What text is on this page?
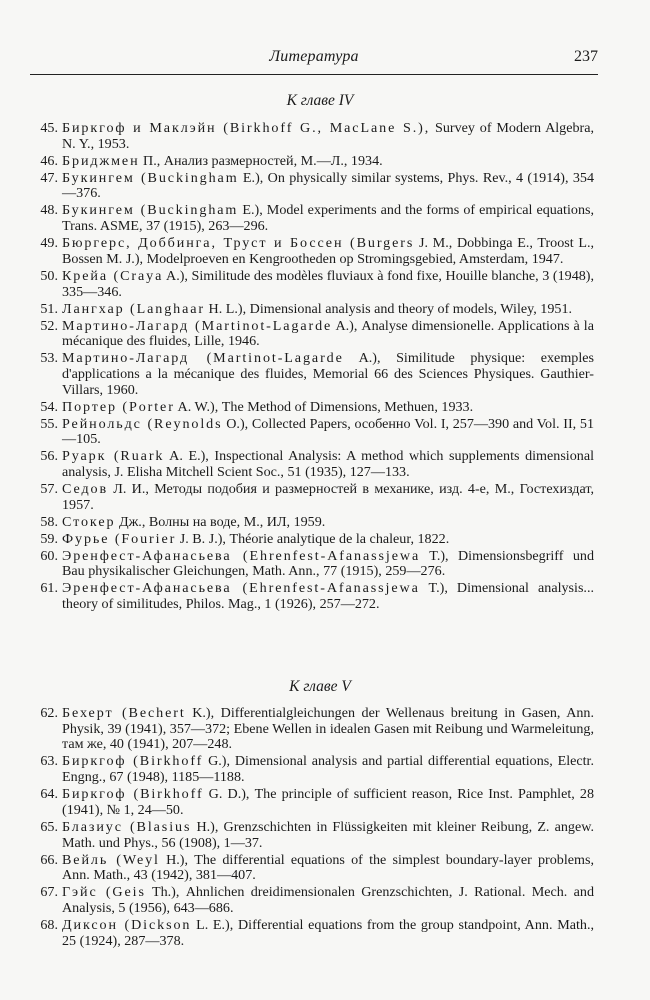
Литература	237
К главе IV
45. Биркгоф и Маклэйн (Birkhoff G., MacLane S.), Survey of Modern Algebra, N. Y., 1953.
46. Бриджмен П., Анализ размерностей, М.—Л., 1934.
47. Букингем (Buckingham E.), On physically similar systems, Phys. Rev., 4 (1914), 354—376.
48. Букингем (Buckingham E.), Model experiments and the forms of empirical equations, Trans. ASME, 37 (1915), 263—296.
49. Бюргерс, Доббинга, Труст и Боссен (Burgers J. M., Dobbinga E., Troost L., Bossen M. J.), Modelproeven en Kengrootheden op Stromingsgebied, Amsterdam, 1947.
50. Крейа (Craya A.), Similitude des modèles fluviaux à fond fixe, Houille blanche, 3 (1948), 335—346.
51. Лангхар (Langhaar H. L.), Dimensional analysis and theory of models, Wiley, 1951.
52. Мартино-Лагард (Martinot-Lagarde A.), Analyse dimensionelle. Applications à la mécanique des fluides, Lille, 1946.
53. Мартино-Лагард (Martinot-Lagarde A.), Similitude physique: exemples d'applications a la mécanique des fluides, Memorial 66 des Sciences Physiques. Gauthier-Villars, 1960.
54. Портер (Porter A. W.), The Method of Dimensions, Methuen, 1933.
55. Рейнольдс (Reynolds O.), Collected Papers, особенно Vol. I, 257—390 and Vol. II, 51—105.
56. Руарк (Ruark A. E.), Inspectional Analysis: A method which supplements dimensional analysis, J. Elisha Mitchell Scient Soc., 51 (1935), 127—133.
57. Седов Л. И., Методы подобия и размерностей в механике, изд. 4-е, М., Гостехиздат, 1957.
58. Стокер Дж., Волны на воде, М., ИЛ, 1959.
59. Фурье (Fourier J. B. J.), Théorie analytique de la chaleur, 1822.
60. Эренфест-Афанасьева (Ehrenfest-Afanassjewa T.), Dimensionsbegriff und Bau physikalischer Gleichungen, Math. Ann., 77 (1915), 259—276.
61. Эренфест-Афанасьева (Ehrenfest-Afanassjewa T.), Dimensional analysis... theory of similitudes, Philos. Mag., 1 (1926), 257—272.
К главе V
62. Бехерт (Bechert K.), Differentialgleichungen der Wellenaus breitung in Gasen, Ann. Physik, 39 (1941), 357—372; Ebene Wellen in idealen Gasen mit Reibung und Warmeleitung, там же, 40 (1941), 207—248.
63. Биркгоф (Birkhoff G.), Dimensional analysis and partial differential equations, Electr. Engng., 67 (1948), 1185—1188.
64. Биркгоф (Birkhoff G. D.), The principle of sufficient reason, Rice Inst. Pamphlet, 28 (1941), № 1, 24—50.
65. Блазиус (Blasius H.), Grenzschichten in Flüssigkeiten mit kleiner Reibung, Z. angew. Math. und Phys., 56 (1908), 1—37.
66. Вейль (Weyl H.), The differential equations of the simplest boundary-layer problems, Ann. Math., 43 (1942), 381—407.
67. Гэйс (Geis Th.), Ahnlichen dreidimensionalen Grenzschichten, J. Rational. Mech. and Analysis, 5 (1956), 643—686.
68. Диксон (Dickson L. E.), Differential equations from the group standpoint, Ann. Math., 25 (1924), 287—378.
